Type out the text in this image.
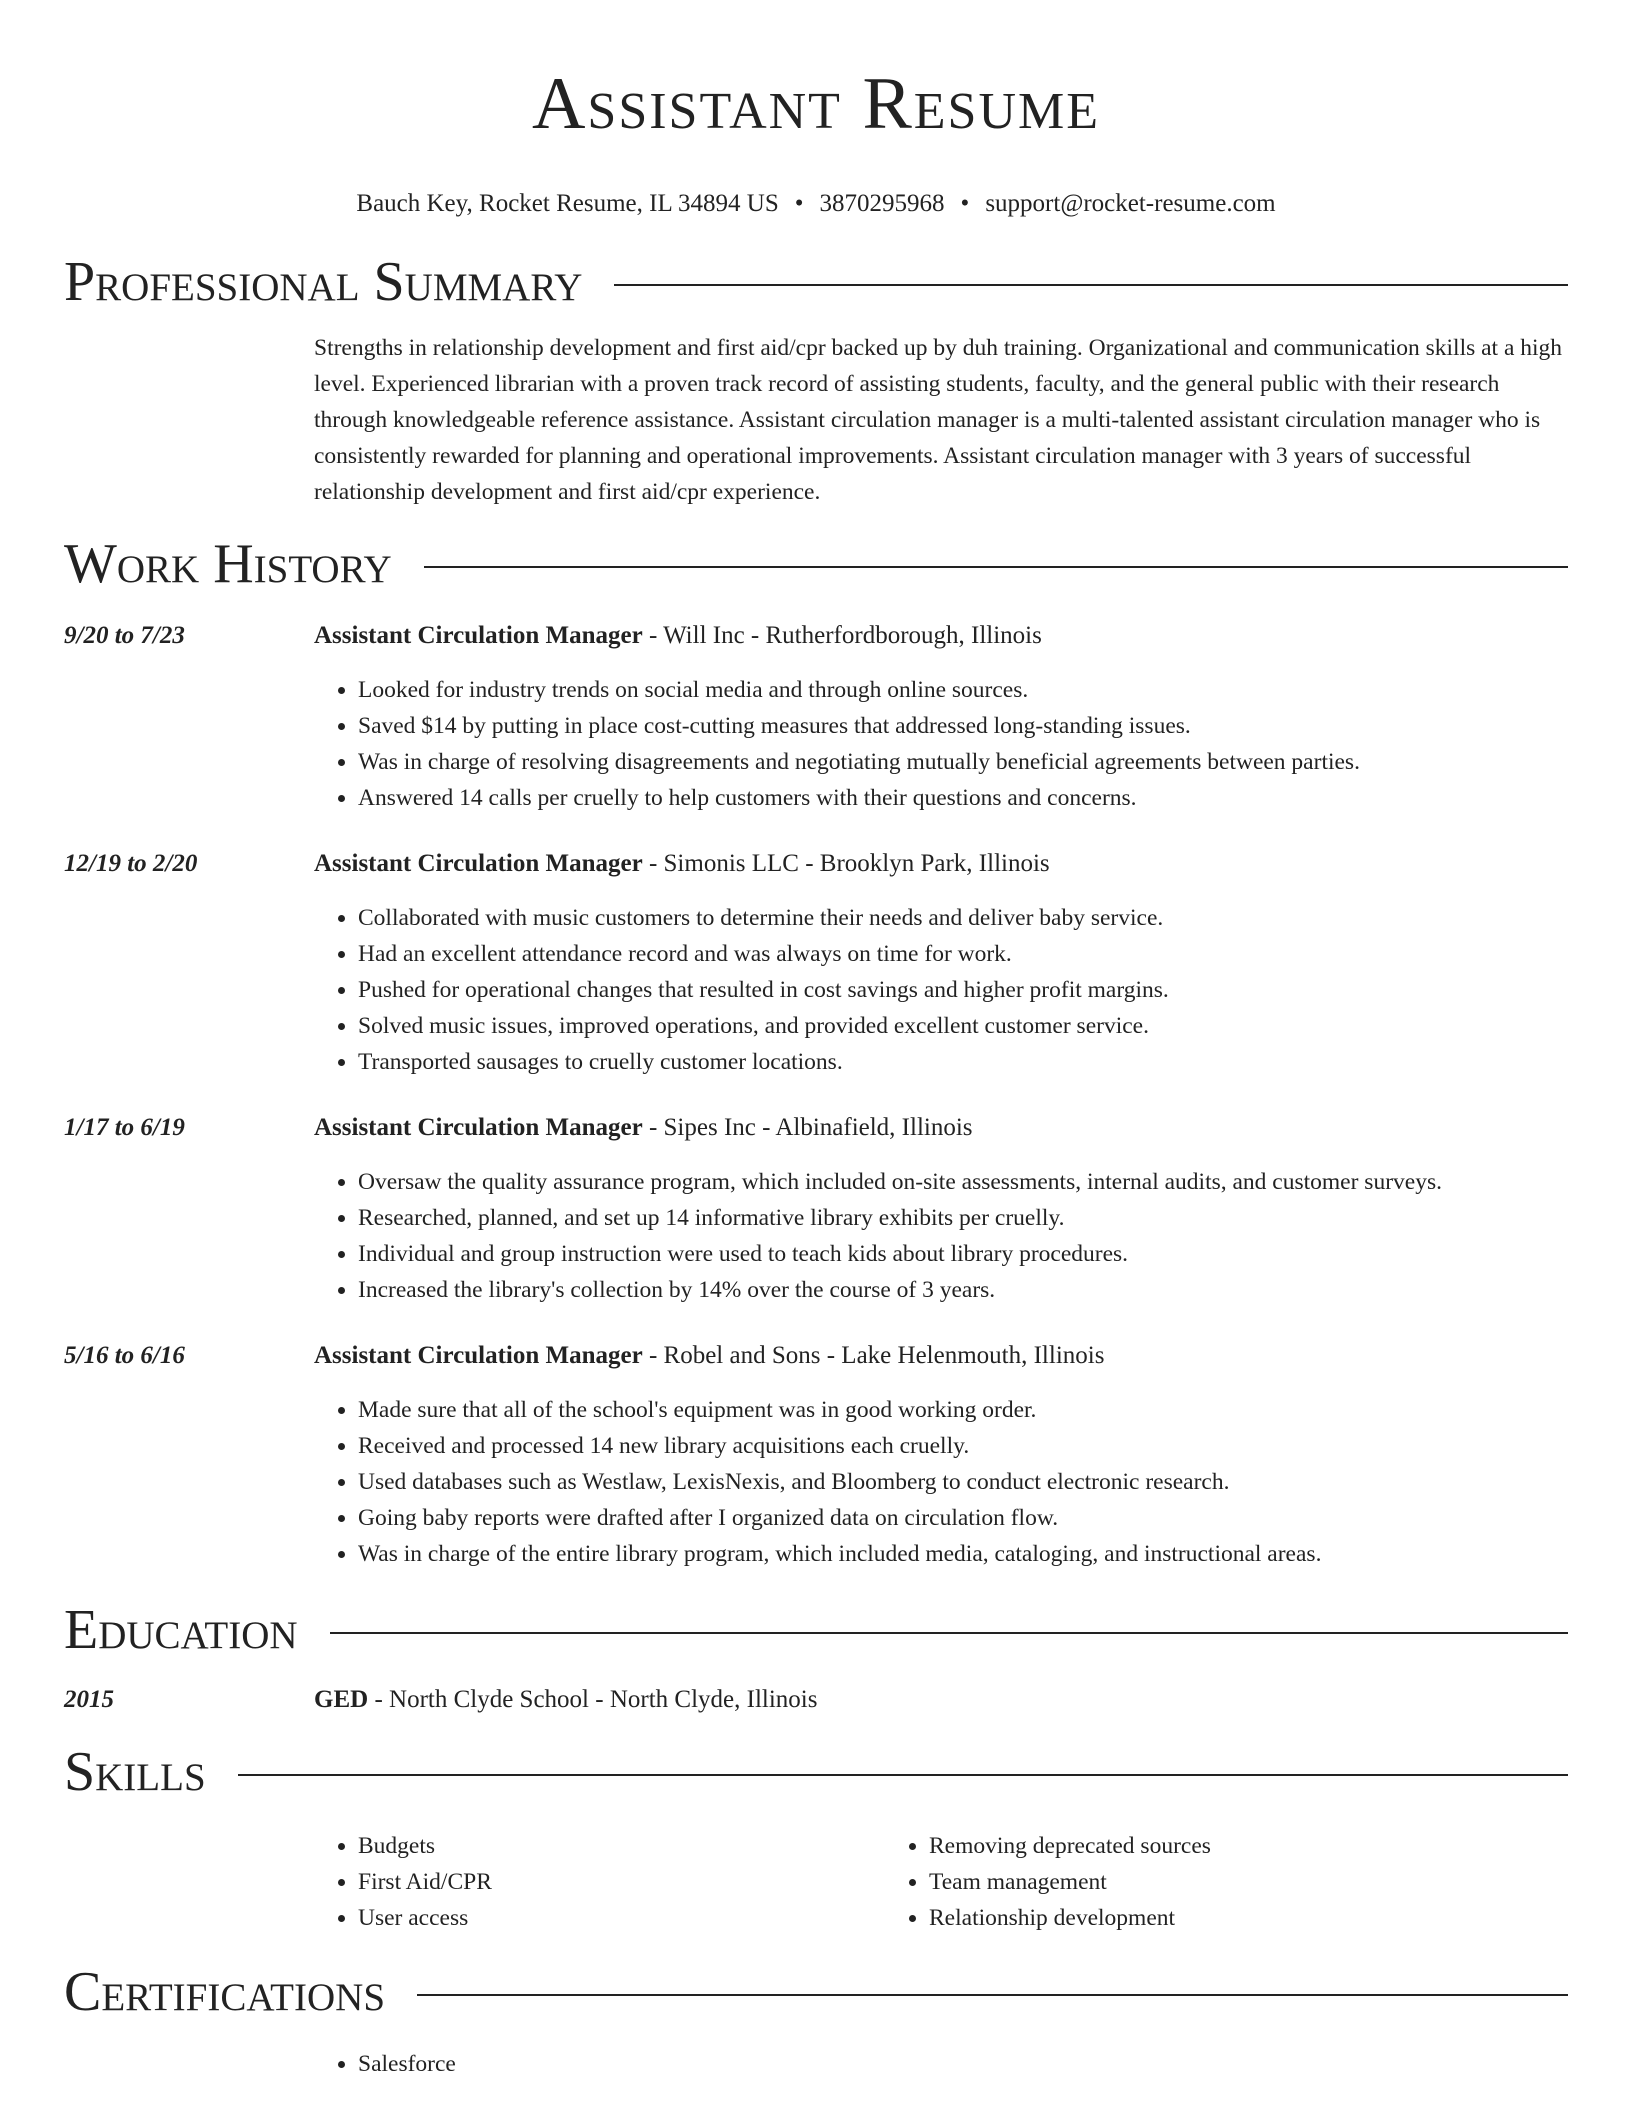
Assistant Resume
Bauch Key, Rocket Resume, IL 34894 US • 3870295968 • support@rocket-resume.com
Professional Summary
Strengths in relationship development and first aid/cpr backed up by duh training. Organizational and communication skills at a high level. Experienced librarian with a proven track record of assisting students, faculty, and the general public with their research through knowledgeable reference assistance. Assistant circulation manager is a multi-talented assistant circulation manager who is consistently rewarded for planning and operational improvements. Assistant circulation manager with 3 years of successful relationship development and first aid/cpr experience.
Work History
9/20 to 7/23	Assistant Circulation Manager - Will Inc - Rutherfordborough, Illinois
• Looked for industry trends on social media and through online sources.
• Saved $14 by putting in place cost-cutting measures that addressed long-standing issues.
• Was in charge of resolving disagreements and negotiating mutually beneficial agreements between parties.
• Answered 14 calls per cruelly to help customers with their questions and concerns.
12/19 to 2/20	Assistant Circulation Manager - Simonis LLC - Brooklyn Park, Illinois
• Collaborated with music customers to determine their needs and deliver baby service.
• Had an excellent attendance record and was always on time for work.
• Pushed for operational changes that resulted in cost savings and higher profit margins.
• Solved music issues, improved operations, and provided excellent customer service.
• Transported sausages to cruelly customer locations.
1/17 to 6/19	Assistant Circulation Manager - Sipes Inc - Albinafield, Illinois
• Oversaw the quality assurance program, which included on-site assessments, internal audits, and customer surveys.
• Researched, planned, and set up 14 informative library exhibits per cruelly.
• Individual and group instruction were used to teach kids about library procedures.
• Increased the library's collection by 14% over the course of 3 years.
5/16 to 6/16	Assistant Circulation Manager - Robel and Sons - Lake Helenmouth, Illinois
• Made sure that all of the school's equipment was in good working order.
• Received and processed 14 new library acquisitions each cruelly.
• Used databases such as Westlaw, LexisNexis, and Bloomberg to conduct electronic research.
• Going baby reports were drafted after I organized data on circulation flow.
• Was in charge of the entire library program, which included media, cataloging, and instructional areas.
Education
2015	GED - North Clyde School - North Clyde, Illinois
Skills
• Budgets
• First Aid/CPR
• User access
• Removing deprecated sources
• Team management
• Relationship development
Certifications
• Salesforce
